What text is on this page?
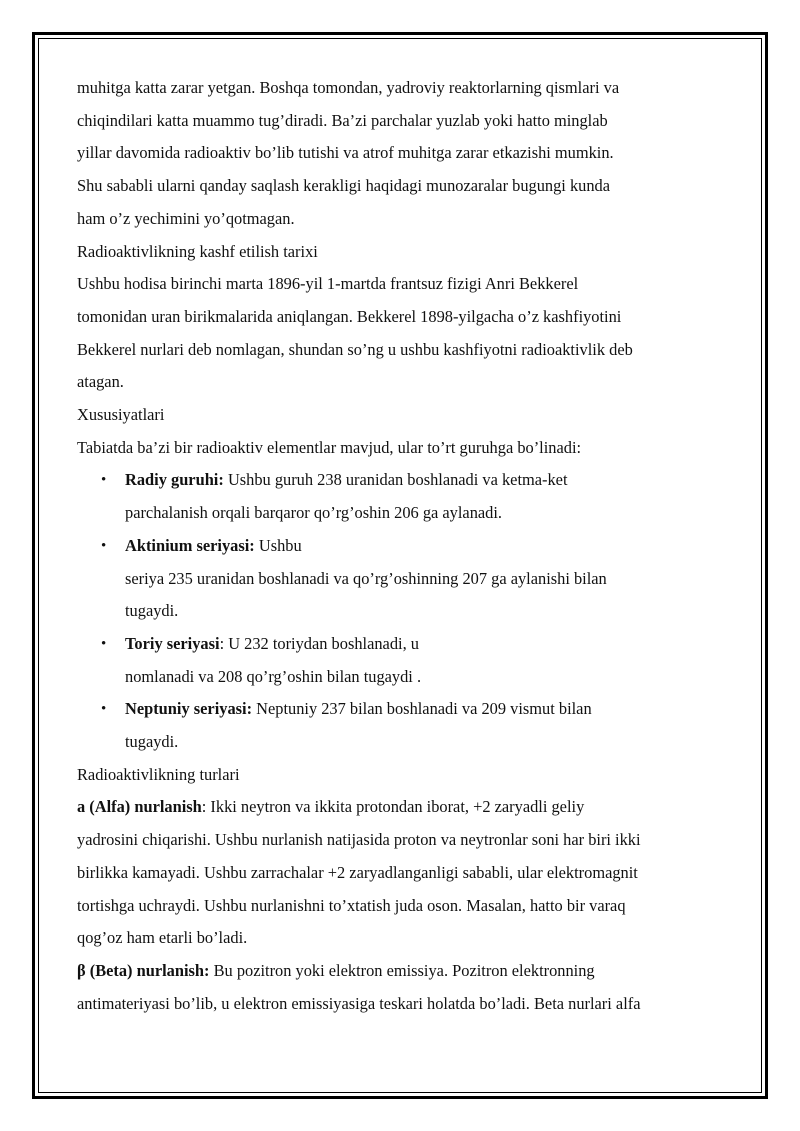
muhitga katta zarar yetgan. Boshqa tomondan, yadroviy reaktorlarning qismlari va
chiqindilari katta muammo tug’diradi. Ba’zi parchalar yuzlab yoki hatto minglab
yillar davomida radioaktiv bo’lib tutishi va atrof muhitga zarar etkazishi mumkin.
Shu sababli ularni qanday saqlash kerakligi haqidagi munozaralar bugungi kunda
ham o’z yechimini yo’qotmagan.

Radioaktivlikning kashf etilish tarixi

Ushbu hodisa birinchi marta 1896-yil 1-martda frantsuz fizigi Anri Bekkerel
tomonidan uran birikmalarida aniqlangan. Bekkerel 1898-yilgacha o’z kashfiyotini
Bekkerel nurlari deb nomlagan, shundan so’ng u ushbu kashfiyotni radioaktivlik deb
atagan.

Xususiyatlari

Tabiatda ba’zi bir radioaktiv elementlar mavjud, ular to’rt guruhga bo’linadi:

• Radiy guruhi: Ushbu guruh 238 uranidan boshlanadi va ketma-ket
parchalanish orqali barqaror qo’rg’oshin 206 ga aylanadi.
• Aktinium seriyasi: Ushbu
seriya 235 uranidan boshlanadi va qo’rg’oshinning 207 ga aylanishi bilan
tugaydi.
• Toriy seriyasi: U 232 toriydan boshlanadi, u
nomlanadi va 208 qo’rg’oshin bilan tugaydi .
• Neptuniy seriyasi: Neptuniy 237 bilan boshlanadi va 209 vismut bilan
tugaydi.

Radioaktivlikning turlari

a (Alfa) nurlanish: Ikki neytron va ikkita protondan iborat, +2 zaryadli geliy
yadrosini chiqarishi. Ushbu nurlanish natijasida proton va neytronlar soni har biri ikki
birlikka kamayadi. Ushbu zarrachalar +2 zaryadlanganligi sababli, ular elektromagnit
tortishga uchraydi. Ushbu nurlanishni to’xtatish juda oson. Masalan, hatto bir varaq
qog’oz ham etarli bo’ladi.

β (Beta) nurlanish: Bu pozitron yoki elektron emissiya. Pozitron elektronning
antimateriyasi bo’lib, u elektron emissiyasiga teskari holatda bo’ladi. Beta nurlari alfa
